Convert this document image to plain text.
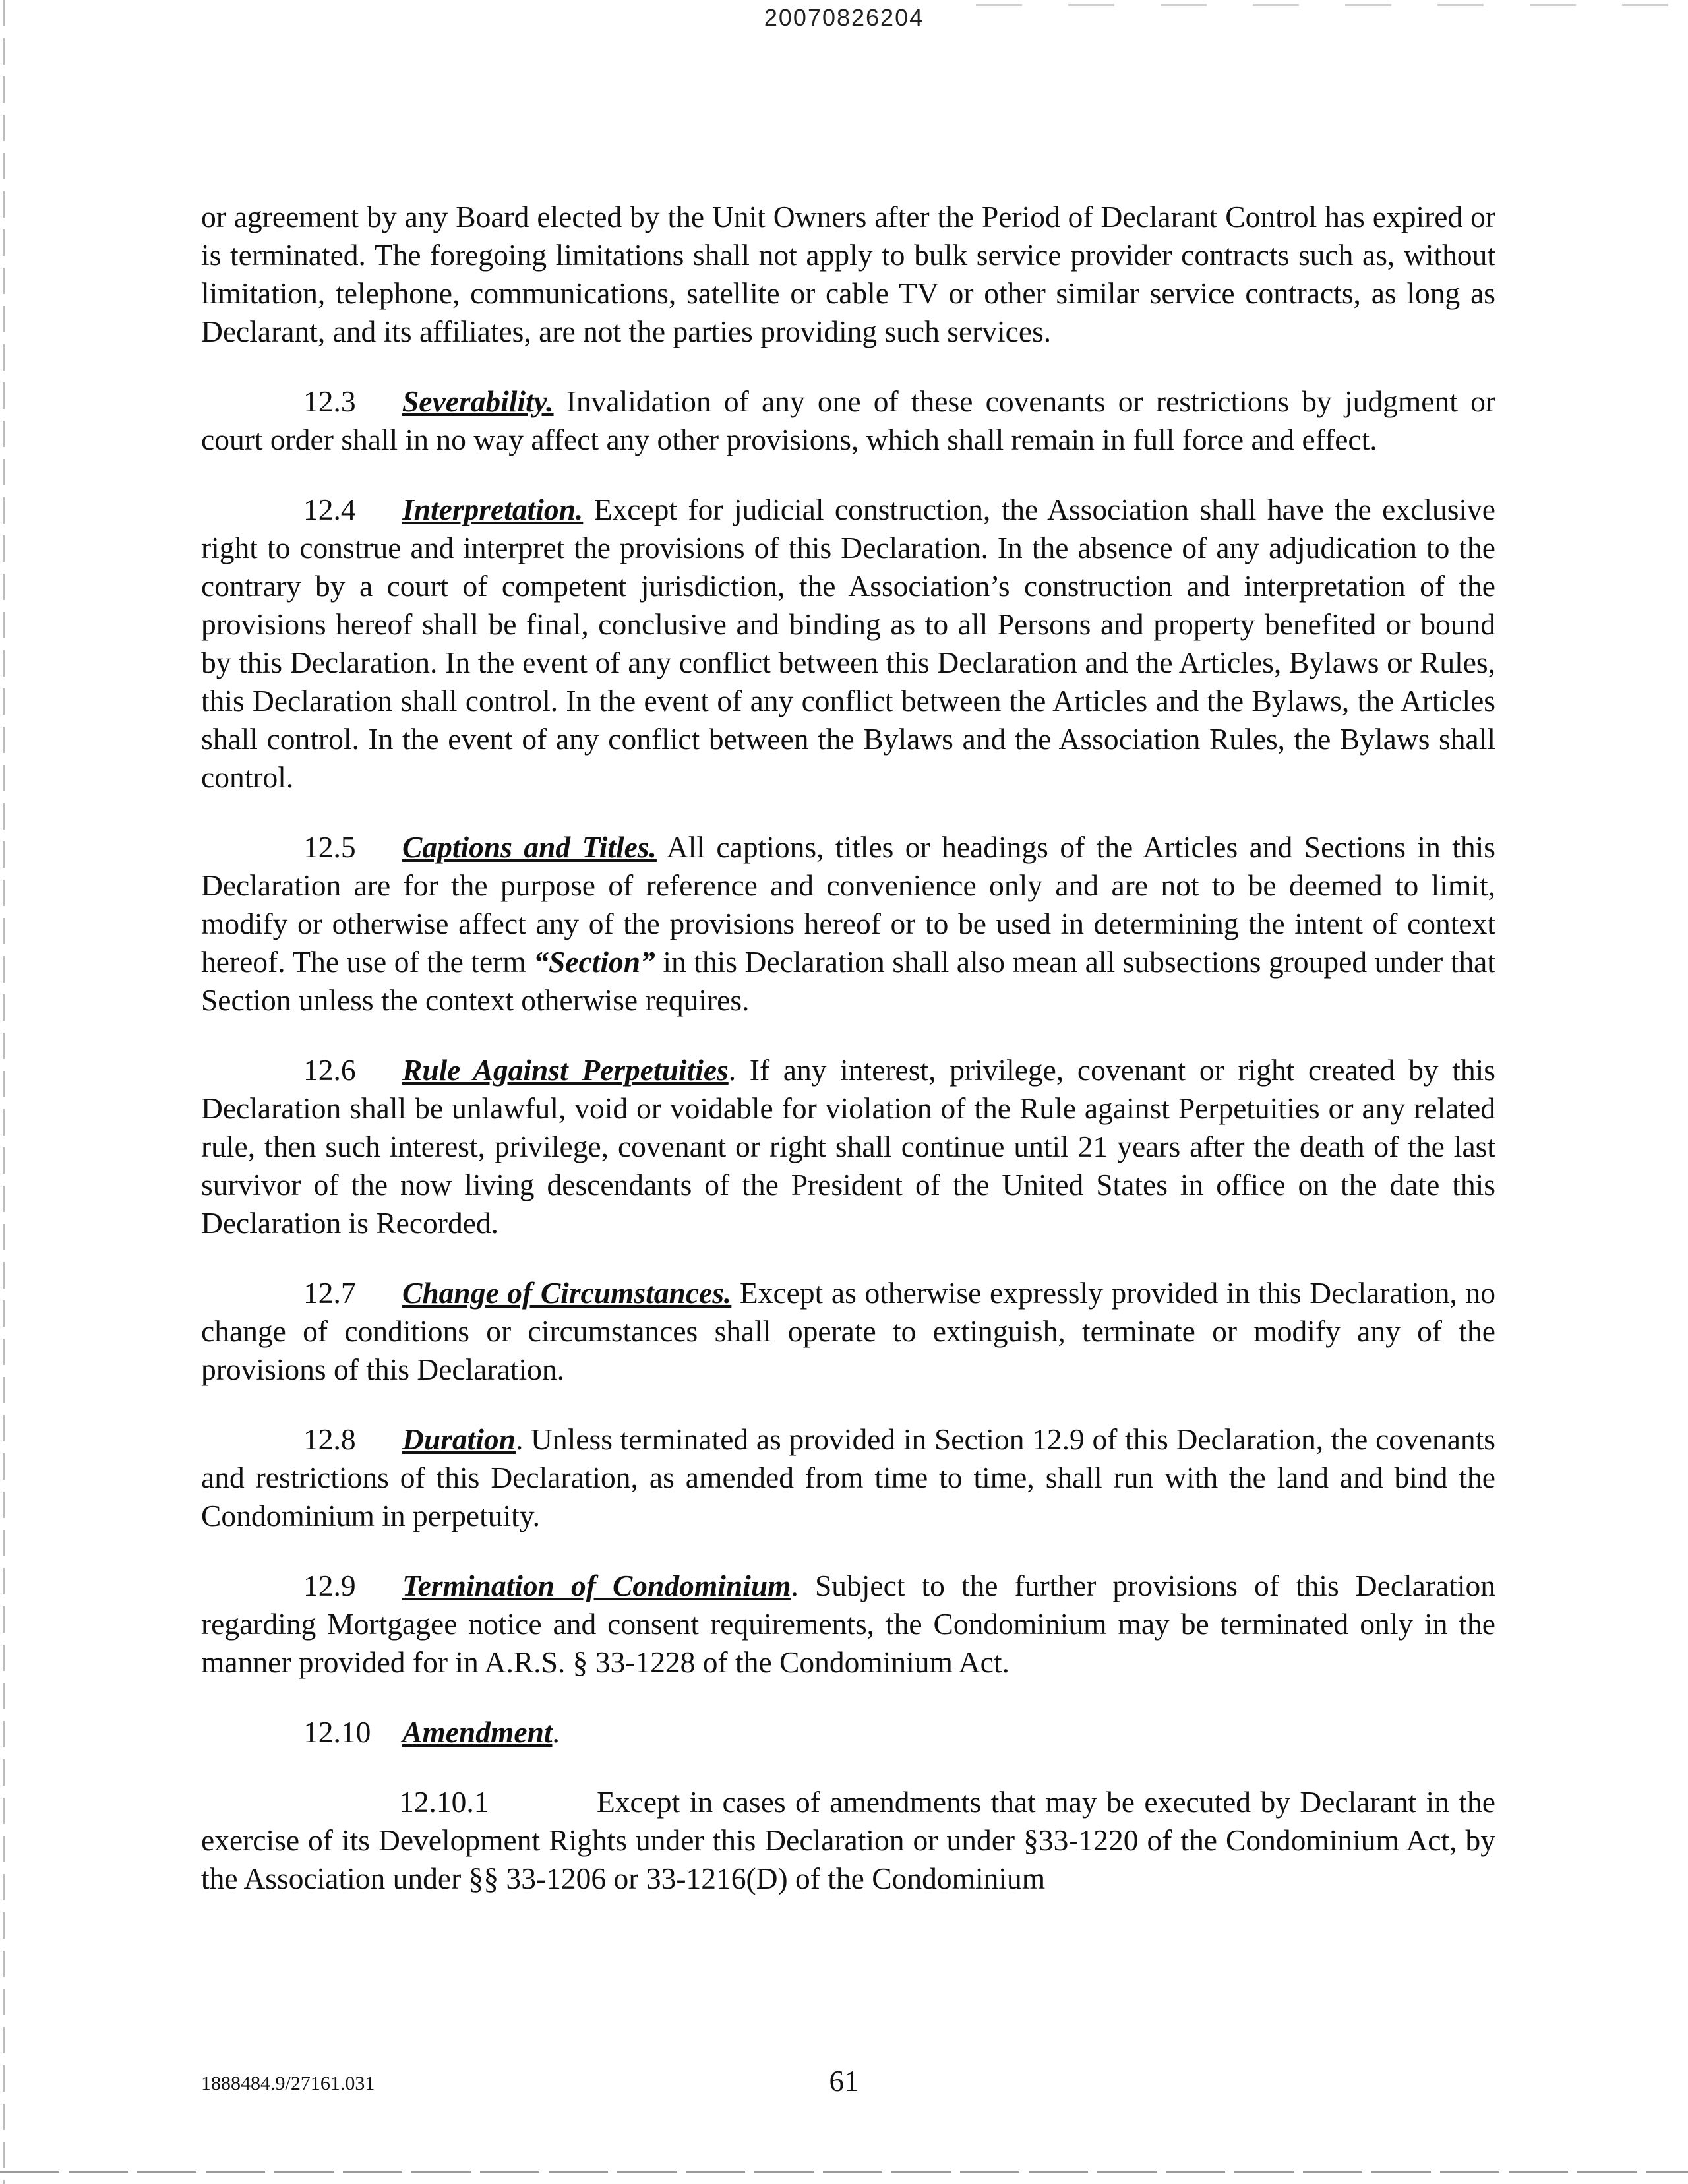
20070826204

or agreement by any Board elected by the Unit Owners after the Period of Declarant Control has expired or is terminated. The foregoing limitations shall not apply to bulk service provider contracts such as, without limitation, telephone, communications, satellite or cable TV or other similar service contracts, as long as Declarant, and its affiliates, are not the parties providing such services.

12.3 Severability. Invalidation of any one of these covenants or restrictions by judgment or court order shall in no way affect any other provisions, which shall remain in full force and effect.

12.4 Interpretation. Except for judicial construction, the Association shall have the exclusive right to construe and interpret the provisions of this Declaration. In the absence of any adjudication to the contrary by a court of competent jurisdiction, the Association’s construction and interpretation of the provisions hereof shall be final, conclusive and binding as to all Persons and property benefited or bound by this Declaration. In the event of any conflict between this Declaration and the Articles, Bylaws or Rules, this Declaration shall control. In the event of any conflict between the Articles and the Bylaws, the Articles shall control. In the event of any conflict between the Bylaws and the Association Rules, the Bylaws shall control.

12.5 Captions and Titles. All captions, titles or headings of the Articles and Sections in this Declaration are for the purpose of reference and convenience only and are not to be deemed to limit, modify or otherwise affect any of the provisions hereof or to be used in determining the intent of context hereof. The use of the term “Section” in this Declaration shall also mean all subsections grouped under that Section unless the context otherwise requires.

12.6 Rule Against Perpetuities. If any interest, privilege, covenant or right created by this Declaration shall be unlawful, void or voidable for violation of the Rule against Perpetuities or any related rule, then such interest, privilege, covenant or right shall continue until 21 years after the death of the last survivor of the now living descendants of the President of the United States in office on the date this Declaration is Recorded.

12.7 Change of Circumstances. Except as otherwise expressly provided in this Declaration, no change of conditions or circumstances shall operate to extinguish, terminate or modify any of the provisions of this Declaration.

12.8 Duration. Unless terminated as provided in Section 12.9 of this Declaration, the covenants and restrictions of this Declaration, as amended from time to time, shall run with the land and bind the Condominium in perpetuity.

12.9 Termination of Condominium. Subject to the further provisions of this Declaration regarding Mortgagee notice and consent requirements, the Condominium may be terminated only in the manner provided for in A.R.S. § 33-1228 of the Condominium Act.

12.10 Amendment.

12.10.1	Except in cases of amendments that may be executed by Declarant in the exercise of its Development Rights under this Declaration or under §33-1220 of the Condominium Act, by the Association under §§ 33-1206 or 33-1216(D) of the Condominium

1888484.9/27161.031	61
